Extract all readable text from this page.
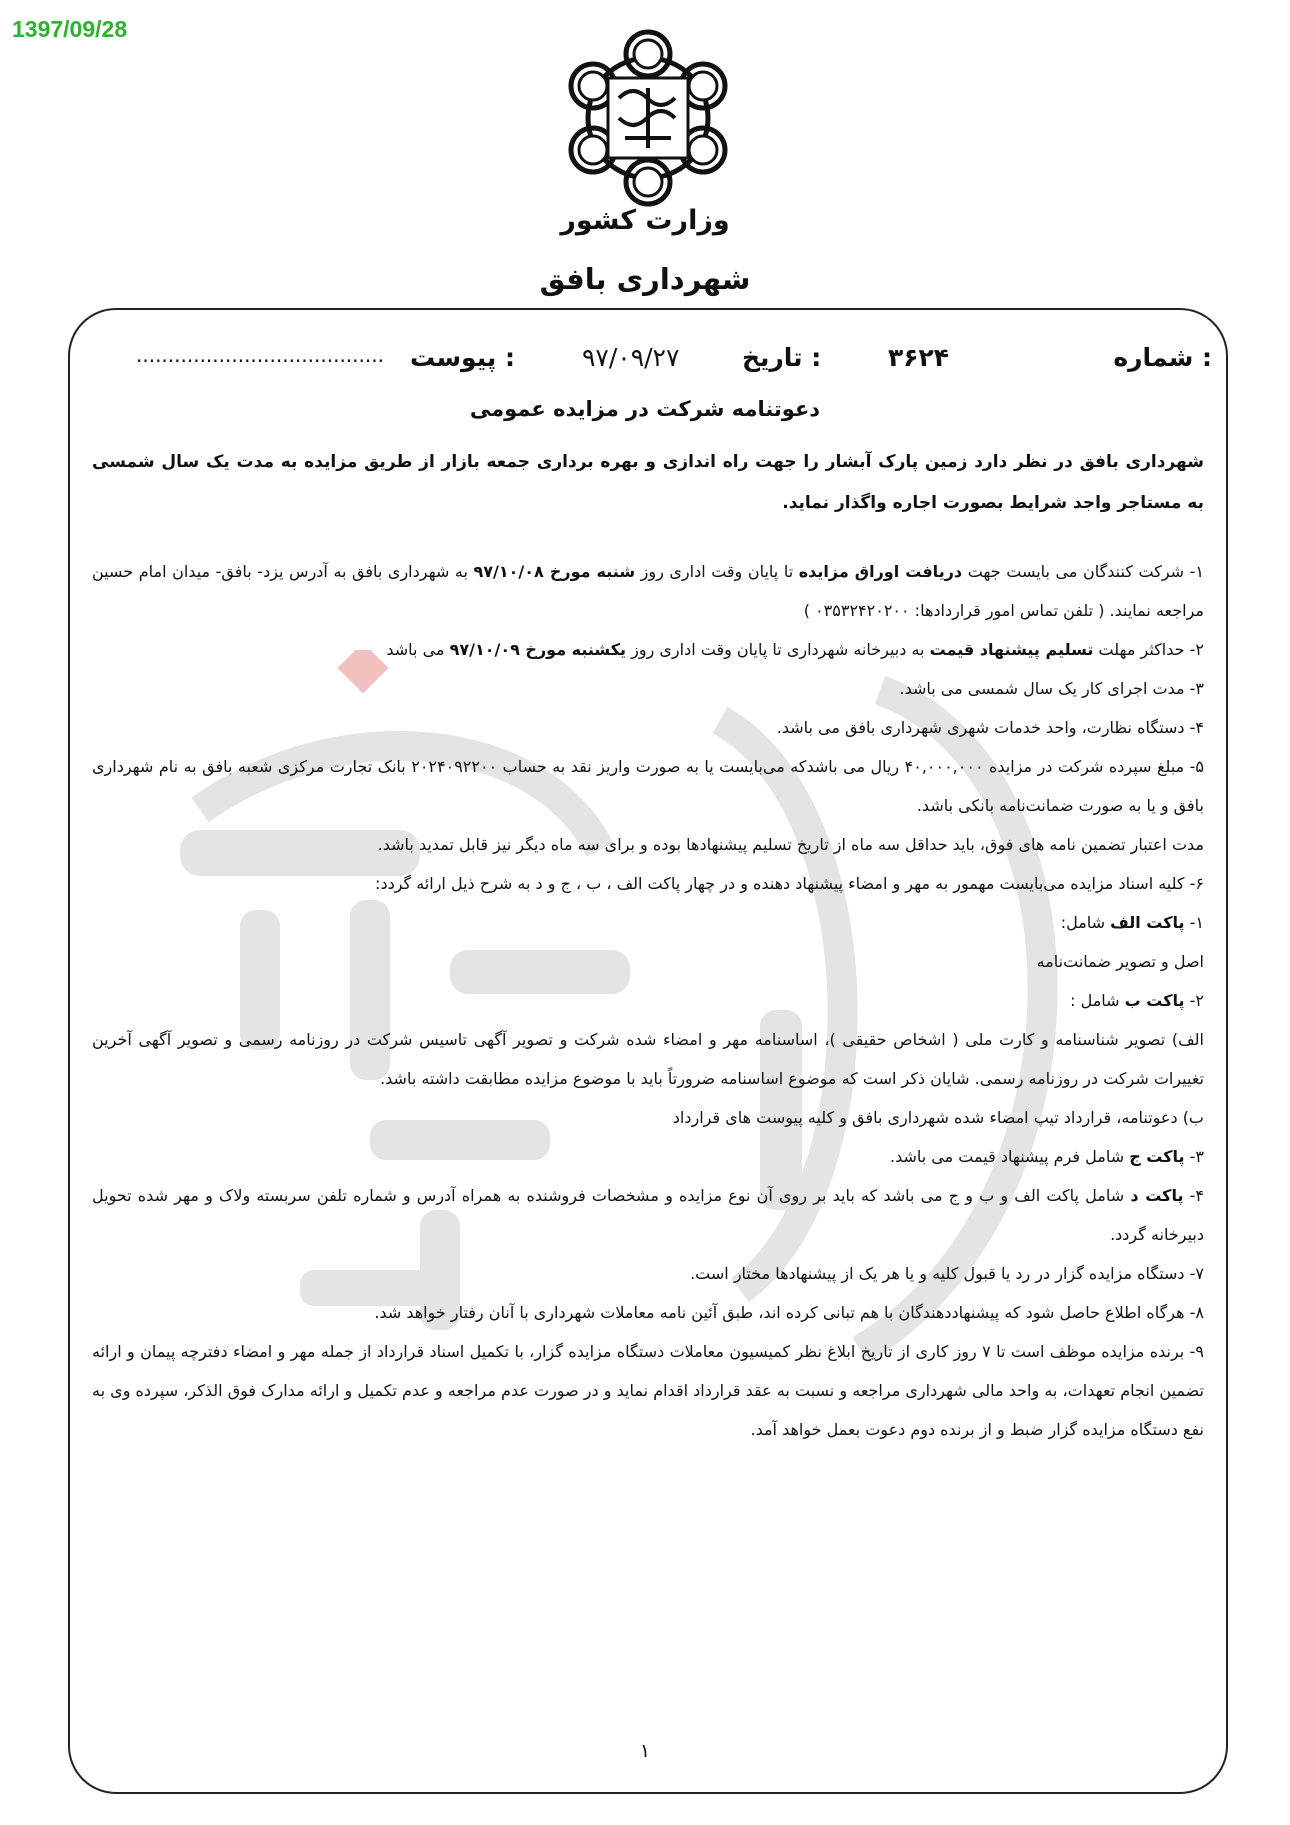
1397/09/28
وزارت کشور
شهرداری بافق
شماره :
۳۶۲۴
تاریخ :
۹۷/۰۹/۲۷
پیوست :
.......................................
دعوتنامه شرکت در مزایده عمومی

شهرداری بافق در نظر دارد زمین پارک آبشار را جهت راه اندازی و بهره برداری جمعه بازار از طریق مزایده به مدت یک سال شمسی به مستاجر واجد شرایط بصورت اجاره واگذار نماید.

۱- شرکت کنندگان می بایست جهت دریافت اوراق مزایده تا پایان وقت اداری روز شنبه مورخ ۹۷/۱۰/۰۸ به شهرداری بافق به آدرس یزد- بافق- میدان امام حسین مراجعه نمایند. ( تلفن تماس امور قراردادها: ۰۳۵۳۲۴۲۰۲۰۰ )

۲- حداکثر مهلت تسلیم پیشنهاد قیمت به دبیرخانه شهرداری تا پایان وقت اداری روز یکشنبه مورخ ۹۷/۱۰/۰۹ می باشد

۳- مدت اجرای کار یک سال شمسی می باشد.

۴- دستگاه نظارت، واحد خدمات شهری شهرداری بافق می باشد.

۵- مبلغ سپرده شرکت در مزایده ۴۰,۰۰۰,۰۰۰ ریال می باشدکه می‌بایست یا به صورت واریز نقد به حساب ۲۰۲۴۰۹۲۲۰۰ بانک تجارت مرکزی شعبه بافق به نام شهرداری بافق و یا به صورت ضمانت‌نامه بانکی باشد.

مدت اعتبار تضمین نامه های فوق، باید حداقل سه ماه از تاریخ تسلیم پیشنهادها بوده و برای سه ماه دیگر نیز قابل تمدید باشد.

۶- کلیه اسناد مزایده می‌بایست مهمور به مهر و امضاء پیشنهاد دهنده و در چهار پاکت الف ، ب ، ج و د به شرح ذیل ارائه گردد:

۱- پاکت الف شامل:

اصل و تصویر ضمانت‌نامه

۲- پاکت ب شامل :

الف) تصویر شناسنامه و کارت ملی ( اشخاص حقیقی )، اساسنامه مهر و امضاء شده شرکت و تصویر آگهی تاسیس شرکت در روزنامه رسمی و تصویر آگهی آخرین تغییرات شرکت در روزنامه رسمی. شایان ذکر است که موضوع اساسنامه ضرورتاً باید با موضوع مزایده مطابقت داشته باشد.

ب) دعوتنامه، قرارداد تیپ امضاء شده شهرداری بافق و کلیه پیوست های قرارداد

۳- پاکت ج شامل فرم پیشنهاد قیمت می باشد.

۴- پاکت د شامل پاکت الف و ب و ج می باشد که باید بر روی آن نوع مزایده و مشخصات فروشنده به همراه آدرس و شماره تلفن سربسته ولاک و مهر شده تحویل دبیرخانه گردد.

۷- دستگاه مزایده گزار در رد یا قبول کلیه و یا هر یک از پیشنهادها مختار است.

۸- هرگاه اطلاع حاصل شود که پیشنهاددهندگان با هم تبانی کرده اند، طبق آئین نامه معاملات شهرداری با آنان رفتار خواهد شد.

۹- برنده مزایده موظف است تا ۷ روز کاری از تاریخ ابلاغ نظر کمیسیون معاملات دستگاه مزایده گزار، با تکمیل اسناد قرارداد از جمله مهر و امضاء دفترچه پیمان و ارائه تضمین انجام تعهدات، به واحد مالی شهرداری مراجعه و نسبت به عقد قرارداد اقدام نماید و در صورت عدم مراجعه و عدم تکمیل و ارائه مدارک فوق الذکر، سپرده وی به نفع دستگاه مزایده گزار ضبط و از برنده دوم دعوت بعمل خواهد آمد.

۱
